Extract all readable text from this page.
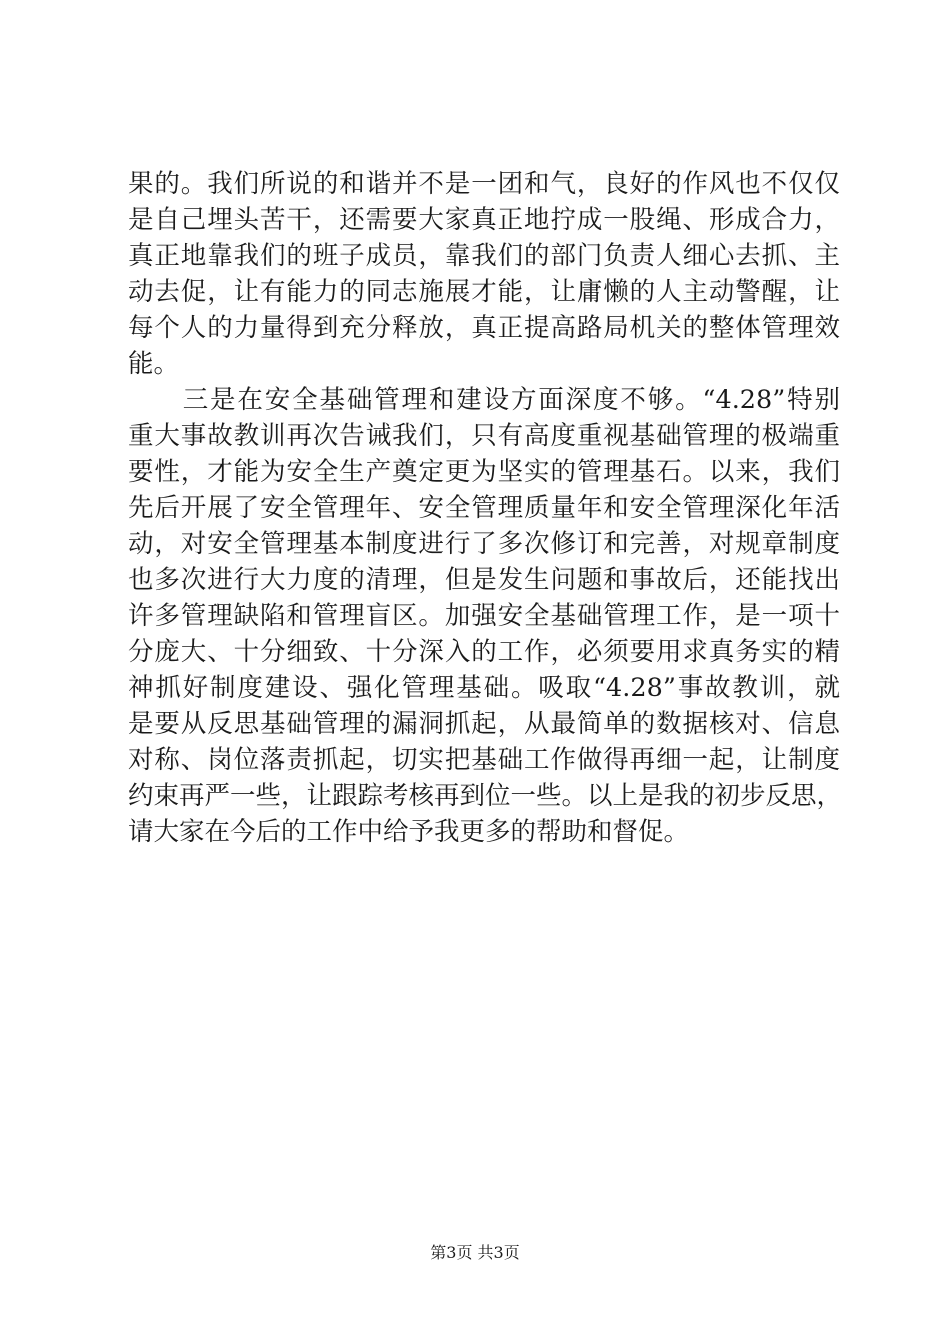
果的。我们所说的和谐并不是一团和气，良好的作风也不仅仅
是自己埋头苦干，还需要大家真正地拧成一股绳、形成合力，
真正地靠我们的班子成员，靠我们的部门负责人细心去抓、主
动去促，让有能力的同志施展才能，让庸懒的人主动警醒，让
每个人的力量得到充分释放，真正提高路局机关的整体管理效
能。
　　三是在安全基础管理和建设方面深度不够。“4.28”特别
重大事故教训再次告诫我们，只有高度重视基础管理的极端重
要性，才能为安全生产奠定更为坚实的管理基石。以来，我们
先后开展了安全管理年、安全管理质量年和安全管理深化年活
动，对安全管理基本制度进行了多次修订和完善，对规章制度
也多次进行大力度的清理，但是发生问题和事故后，还能找出
许多管理缺陷和管理盲区。加强安全基础管理工作，是一项十
分庞大、十分细致、十分深入的工作，必须要用求真务实的精
神抓好制度建设、强化管理基础。吸取“4.28”事故教训，就
是要从反思基础管理的漏洞抓起，从最简单的数据核对、信息
对称、岗位落责抓起，切实把基础工作做得再细一起，让制度
约束再严一些，让跟踪考核再到位一些。以上是我的初步反思，
请大家在今后的工作中给予我更多的帮助和督促。
第3页 共3页
